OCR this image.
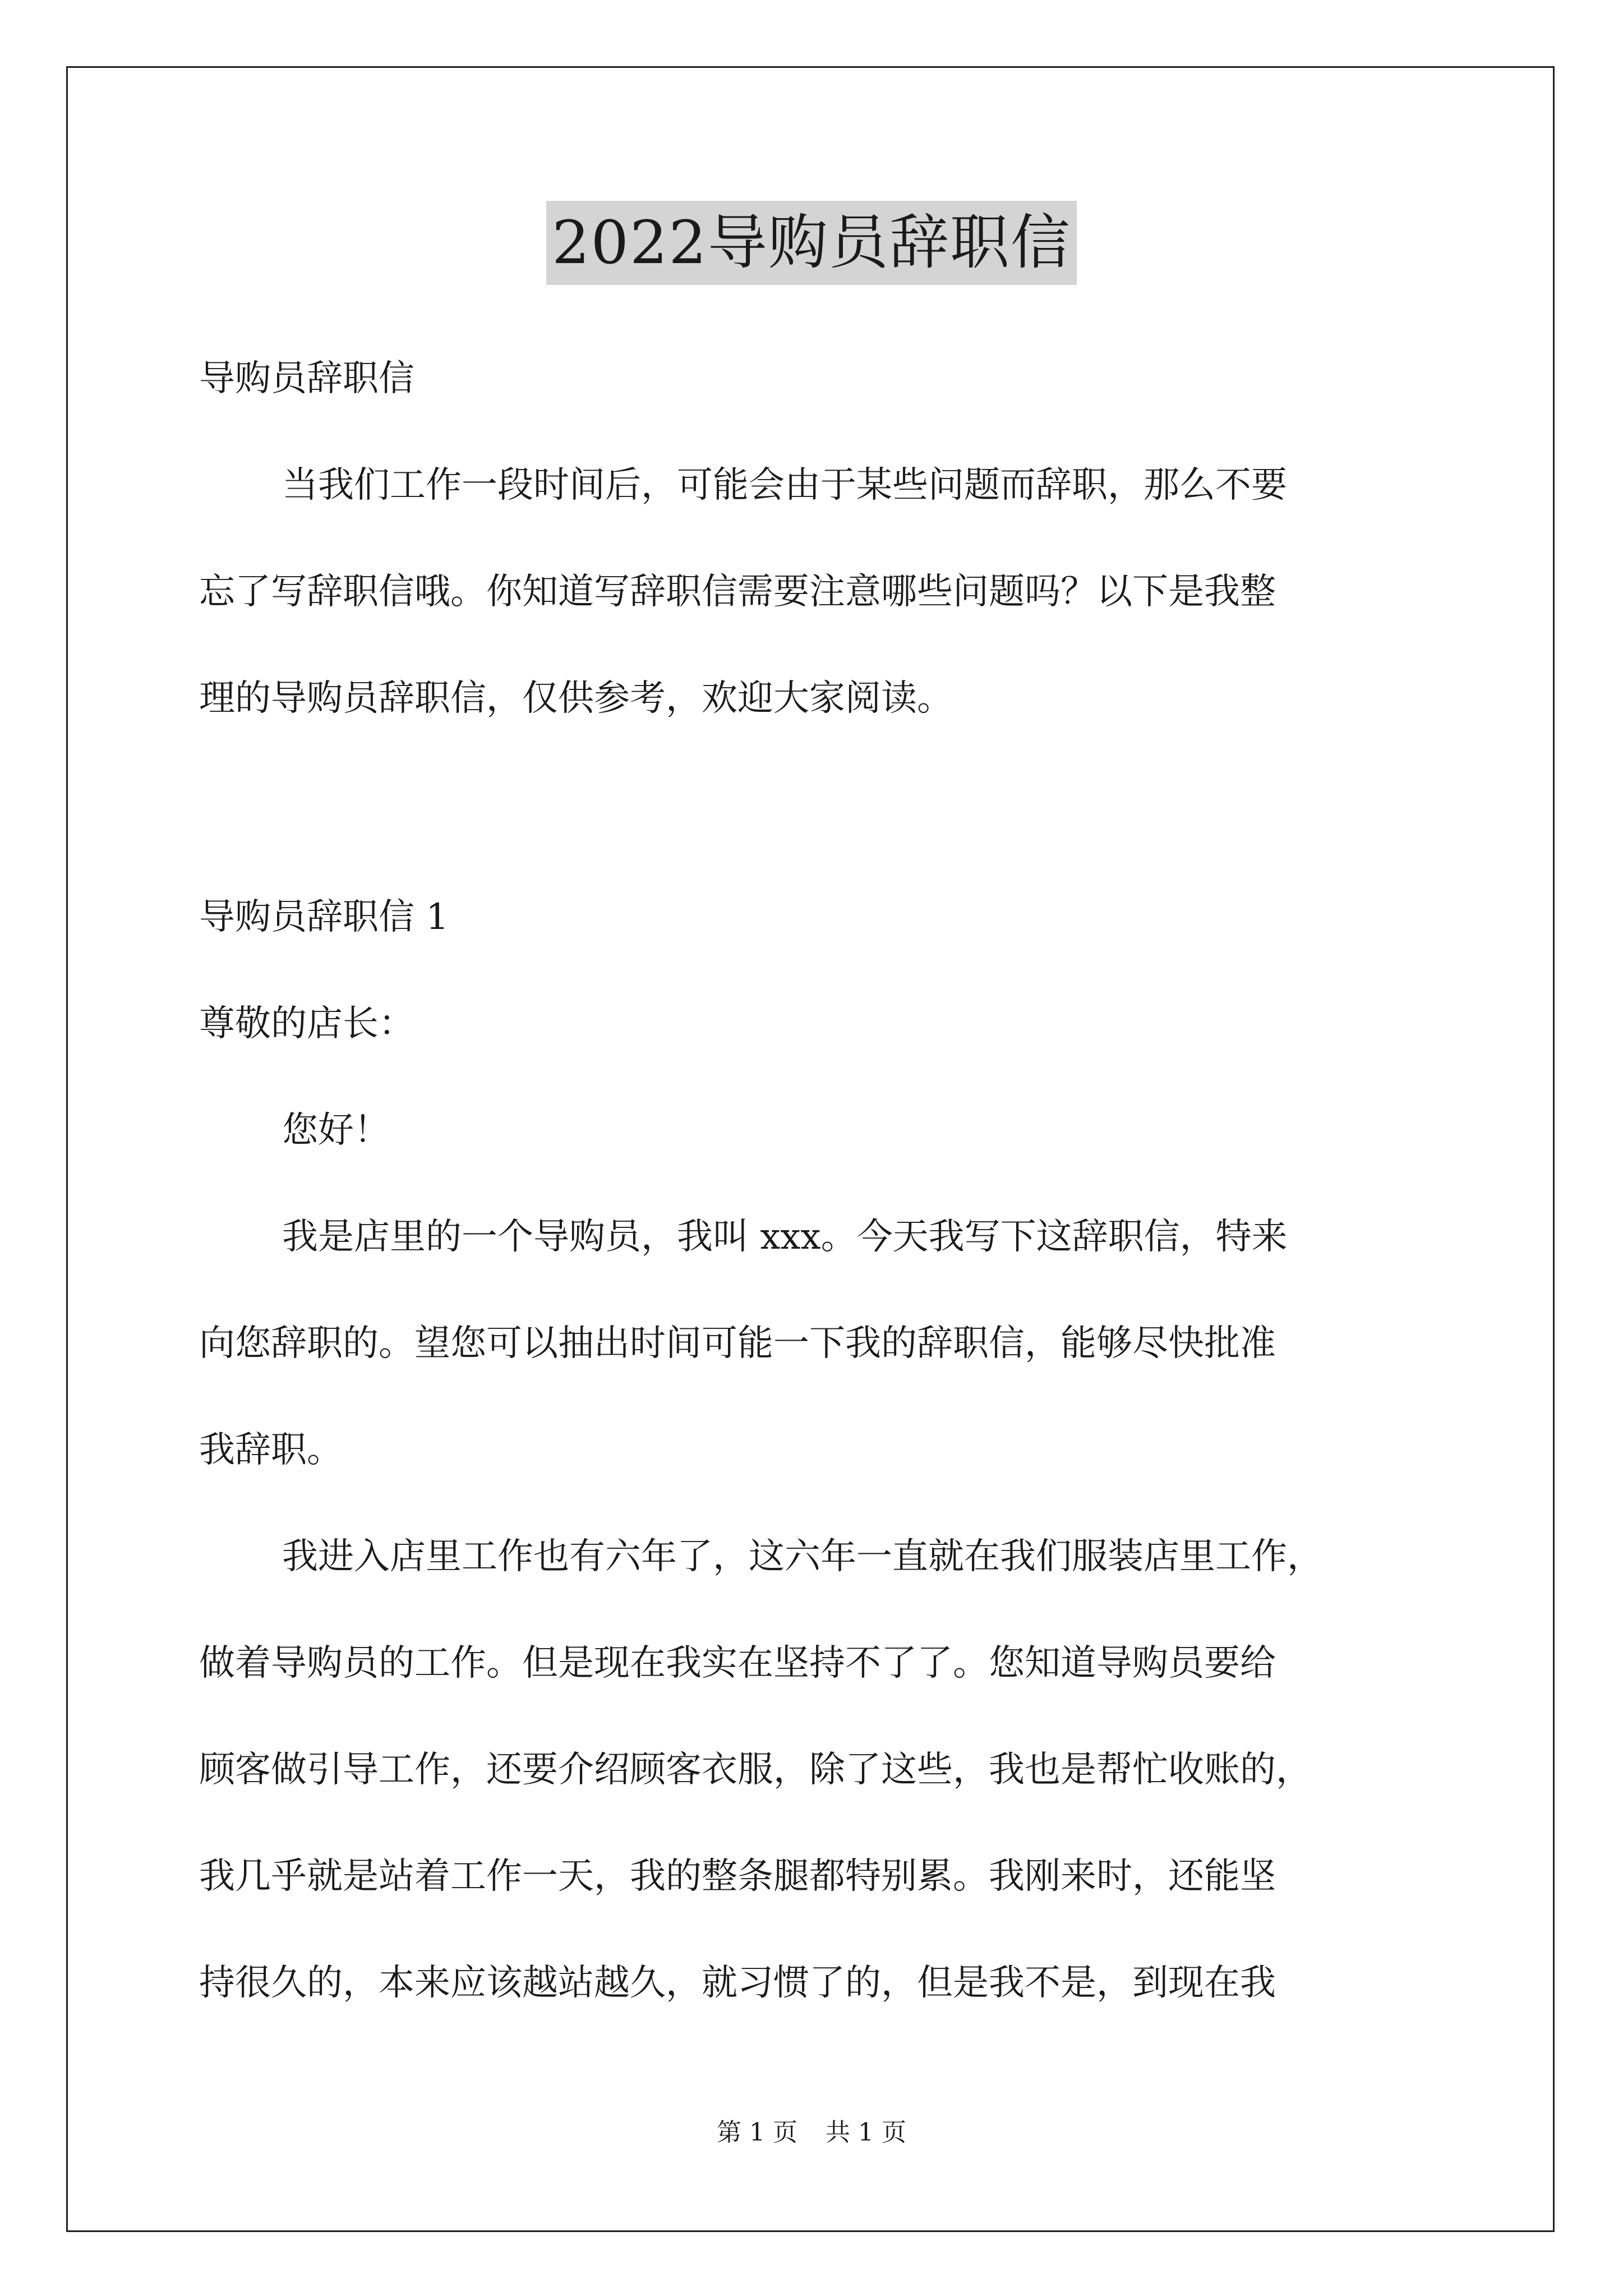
2022导购员辞职信

导购员辞职信

当我们工作一段时间后，可能会由于某些问题而辞职，那么不要
忘了写辞职信哦。你知道写辞职信需要注意哪些问题吗？以下是我整
理的导购员辞职信，仅供参考，欢迎大家阅读。

导购员辞职信 1

尊敬的店长：

您好！

我是店里的一个导购员，我叫 xxx。今天我写下这辞职信，特来
向您辞职的。望您可以抽出时间可能一下我的辞职信，能够尽快批准
我辞职。

我进入店里工作也有六年了，这六年一直就在我们服装店里工作，
做着导购员的工作。但是现在我实在坚持不了了。您知道导购员要给
顾客做引导工作，还要介绍顾客衣服，除了这些，我也是帮忙收账的，
我几乎就是站着工作一天，我的整条腿都特别累。我刚来时，还能坚
持很久的，本来应该越站越久，就习惯了的，但是我不是，到现在我

第 1 页 共 1 页
